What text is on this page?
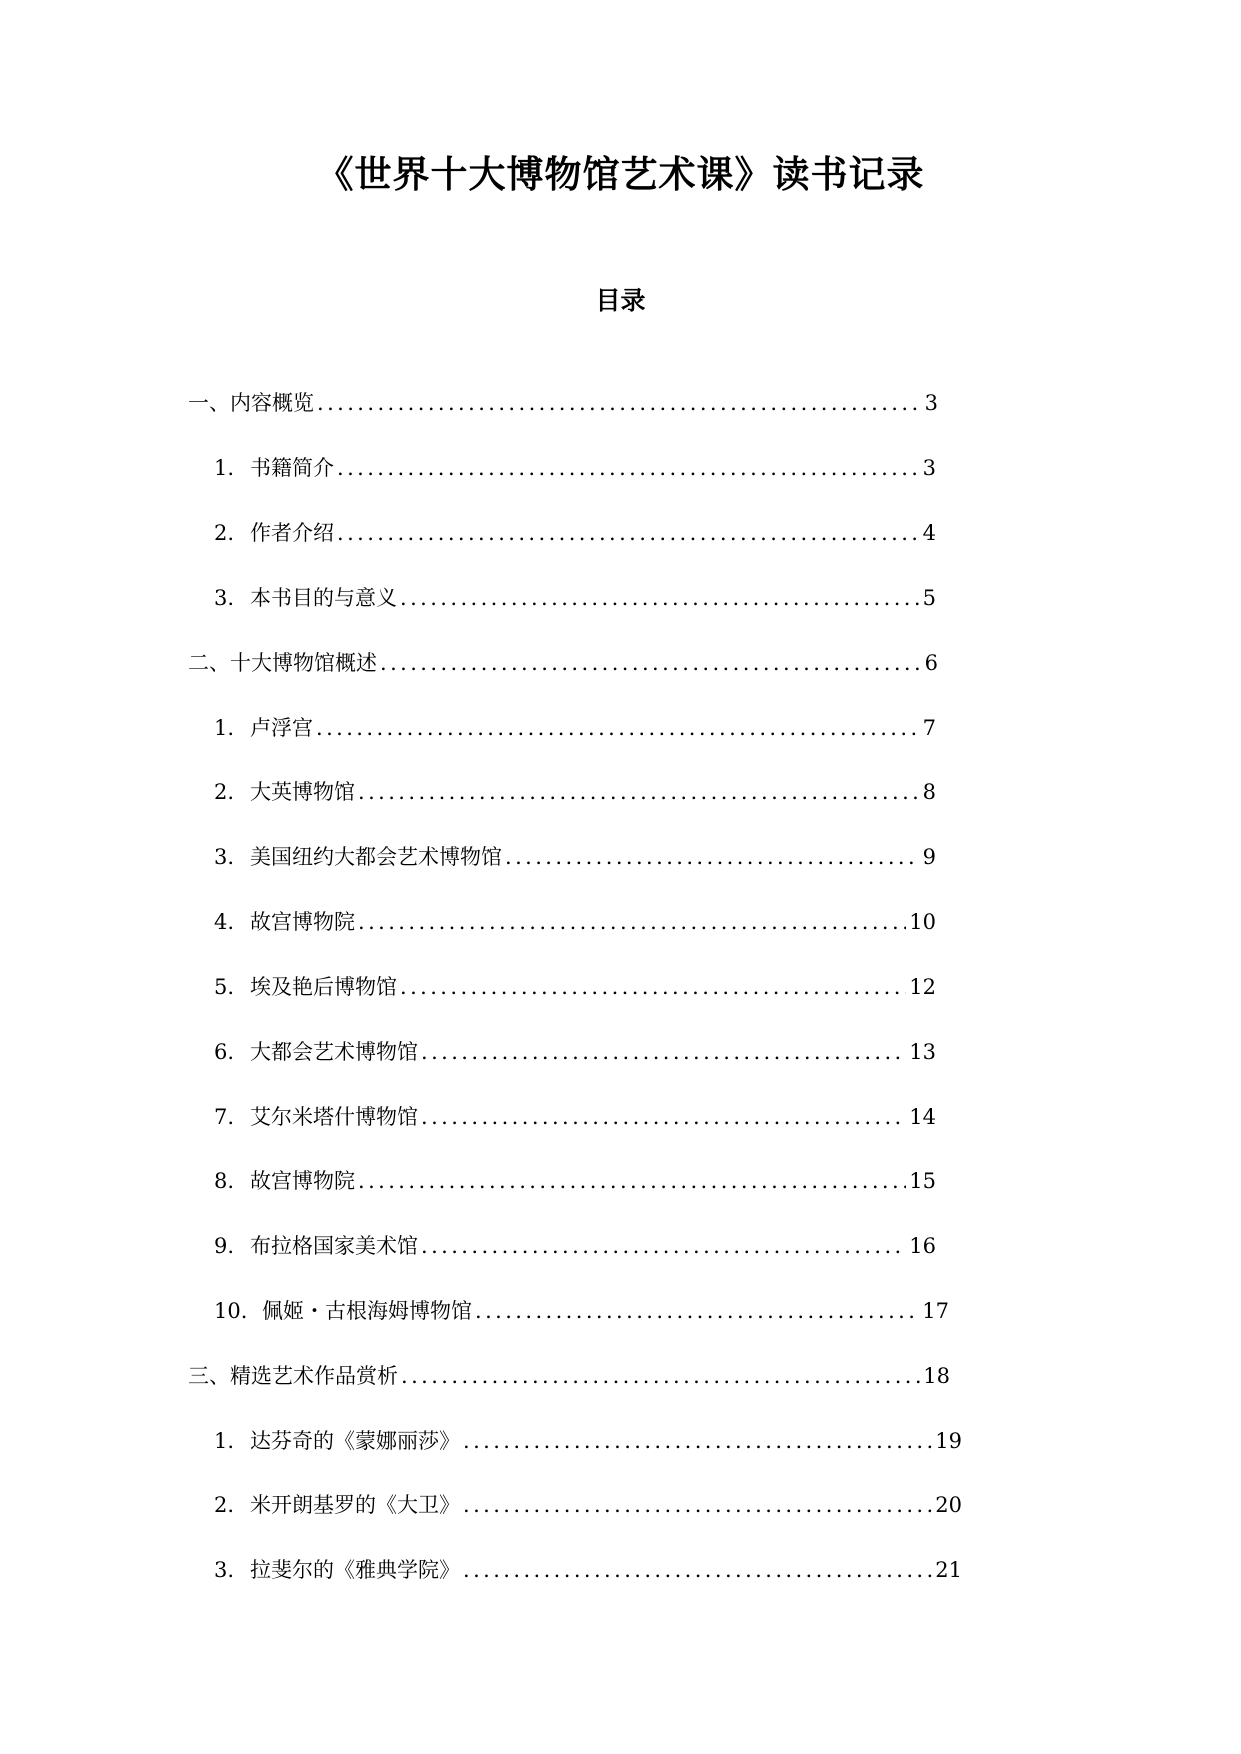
《世界十大博物馆艺术课》读书记录
目录
一、内容概览 .....	3
1. 书籍简介 .....	3
2. 作者介绍 .....	4
3. 本书目的与意义 .....	5
二、十大博物馆概述 .....	6
1. 卢浮宫 .....	7
2. 大英博物馆 .....	8
3. 美国纽约大都会艺术博物馆 .....	9
4. 故宫博物院 .....	10
5. 埃及艳后博物馆 .....	12
6. 大都会艺术博物馆 .....	13
7. 艾尔米塔什博物馆 .....	14
8. 故宫博物院 .....	15
9. 布拉格国家美术馆 .....	16
10. 佩姬・古根海姆博物馆 .....	17
三、精选艺术作品赏析 .....	18
1. 达芬奇的《蒙娜丽莎》 .....	19
2. 米开朗基罗的《大卫》 .....	20
3. 拉斐尔的《雅典学院》 .....	21
